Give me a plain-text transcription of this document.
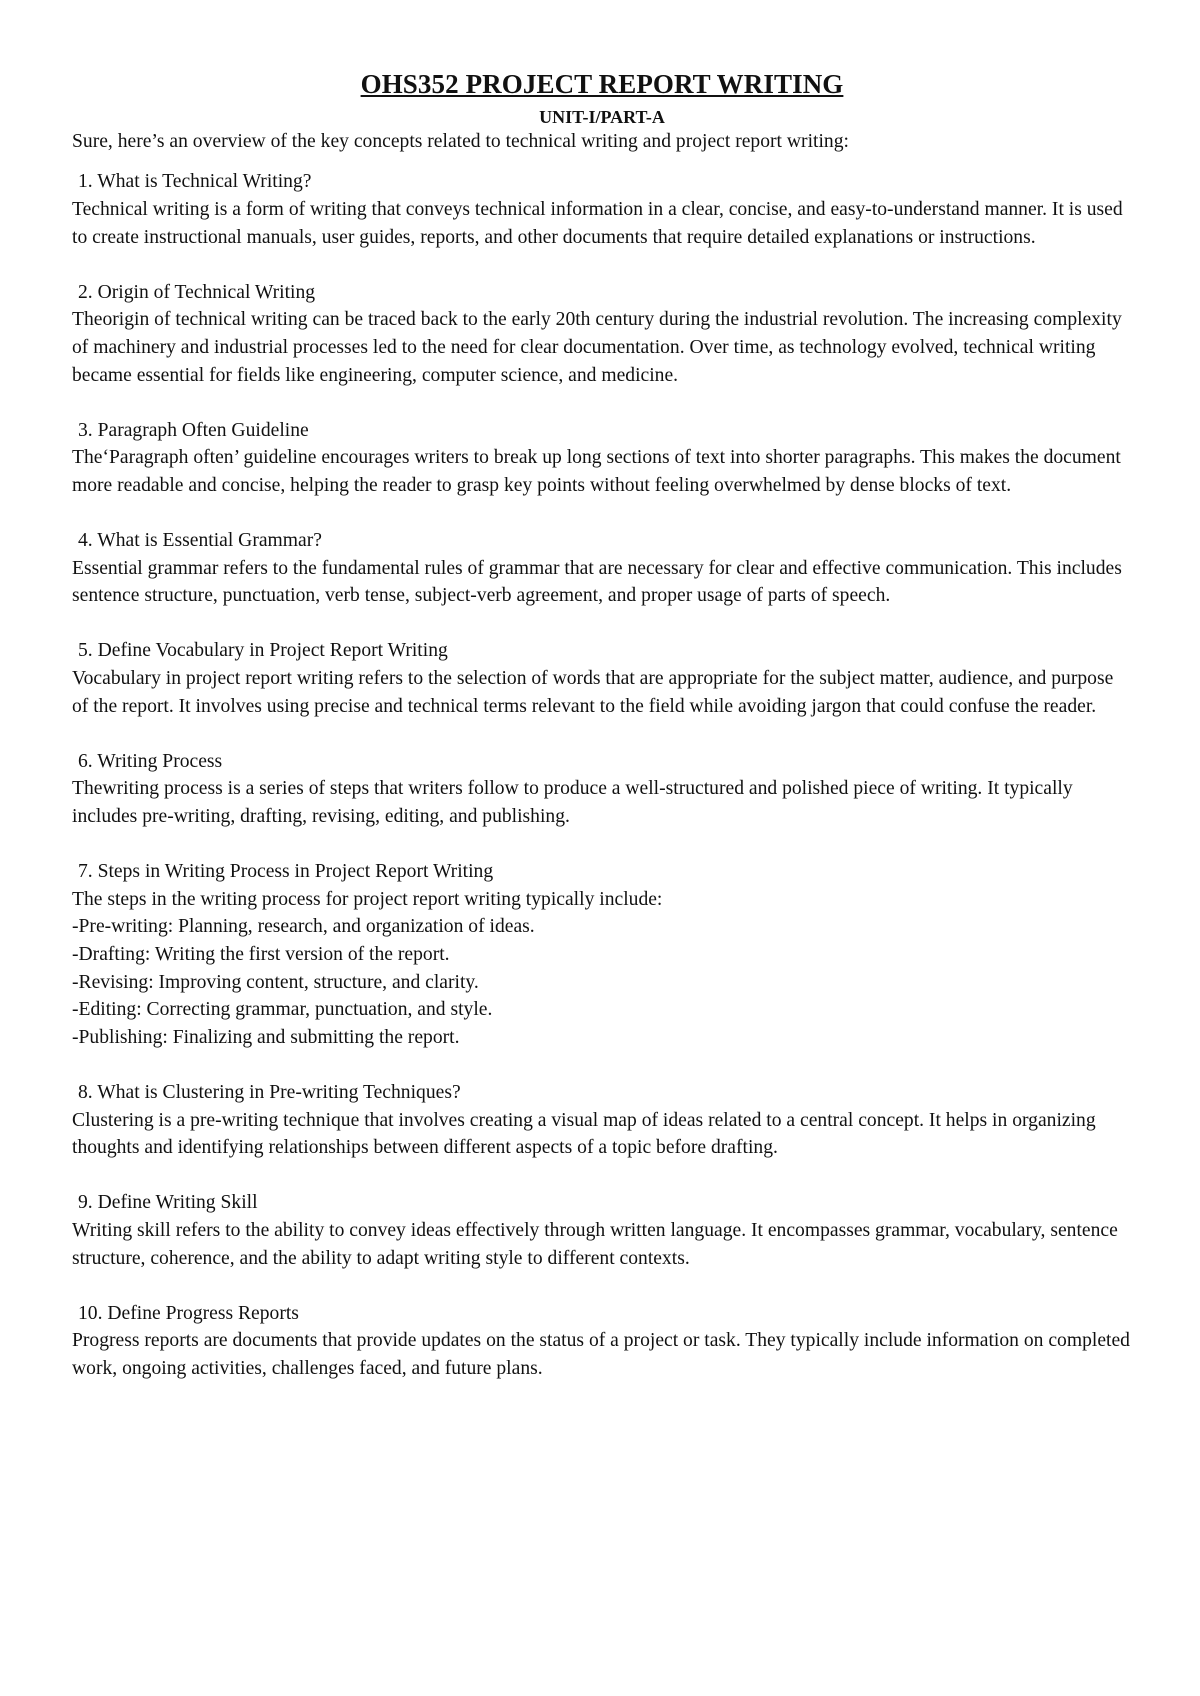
OHS352 PROJECT REPORT WRITING
UNIT-I/PART-A

Sure, here’s an overview of the key concepts related to technical writing and project report writing:

1. What is Technical Writing?

Technical writing is a form of writing that conveys technical information in a clear, concise, and easy-to-understand manner. It is used to create instructional manuals, user guides, reports, and other documents that require detailed explanations or instructions.

2. Origin of Technical Writing

Theorigin of technical writing can be traced back to the early 20th century during the industrial revolution. The increasing complexity of machinery and industrial processes led to the need for clear documentation. Over time, as technology evolved, technical writing became essential for fields like engineering, computer science, and medicine.

3. Paragraph Often Guideline

The‘Paragraph often’ guideline encourages writers to break up long sections of text into shorter paragraphs. This makes the document more readable and concise, helping the reader to grasp key points without feeling overwhelmed by dense blocks of text.

4. What is Essential Grammar?

Essential grammar refers to the fundamental rules of grammar that are necessary for clear and effective communication. This includes sentence structure, punctuation, verb tense, subject-verb agreement, and proper usage of parts of speech.

5. Define Vocabulary in Project Report Writing

Vocabulary in project report writing refers to the selection of words that are appropriate for the subject matter, audience, and purpose of the report. It involves using precise and technical terms relevant to the field while avoiding jargon that could confuse the reader.

6. Writing Process

Thewriting process is a series of steps that writers follow to produce a well-structured and polished piece of writing. It typically includes pre-writing, drafting, revising, editing, and publishing.

7. Steps in Writing Process in Project Report Writing

The steps in the writing process for project report writing typically include:

-Pre-writing: Planning, research, and organization of ideas.

-Drafting: Writing the first version of the report.

-Revising: Improving content, structure, and clarity.

-Editing: Correcting grammar, punctuation, and style.

-Publishing: Finalizing and submitting the report.

8. What is Clustering in Pre-writing Techniques?

Clustering is a pre-writing technique that involves creating a visual map of ideas related to a central concept. It helps in organizing thoughts and identifying relationships between different aspects of a topic before drafting.

9. Define Writing Skill

Writing skill refers to the ability to convey ideas effectively through written language. It encompasses grammar, vocabulary, sentence structure, coherence, and the ability to adapt writing style to different contexts.

10. Define Progress Reports

Progress reports are documents that provide updates on the status of a project or task. They typically include information on completed work, ongoing activities, challenges faced, and future plans.
